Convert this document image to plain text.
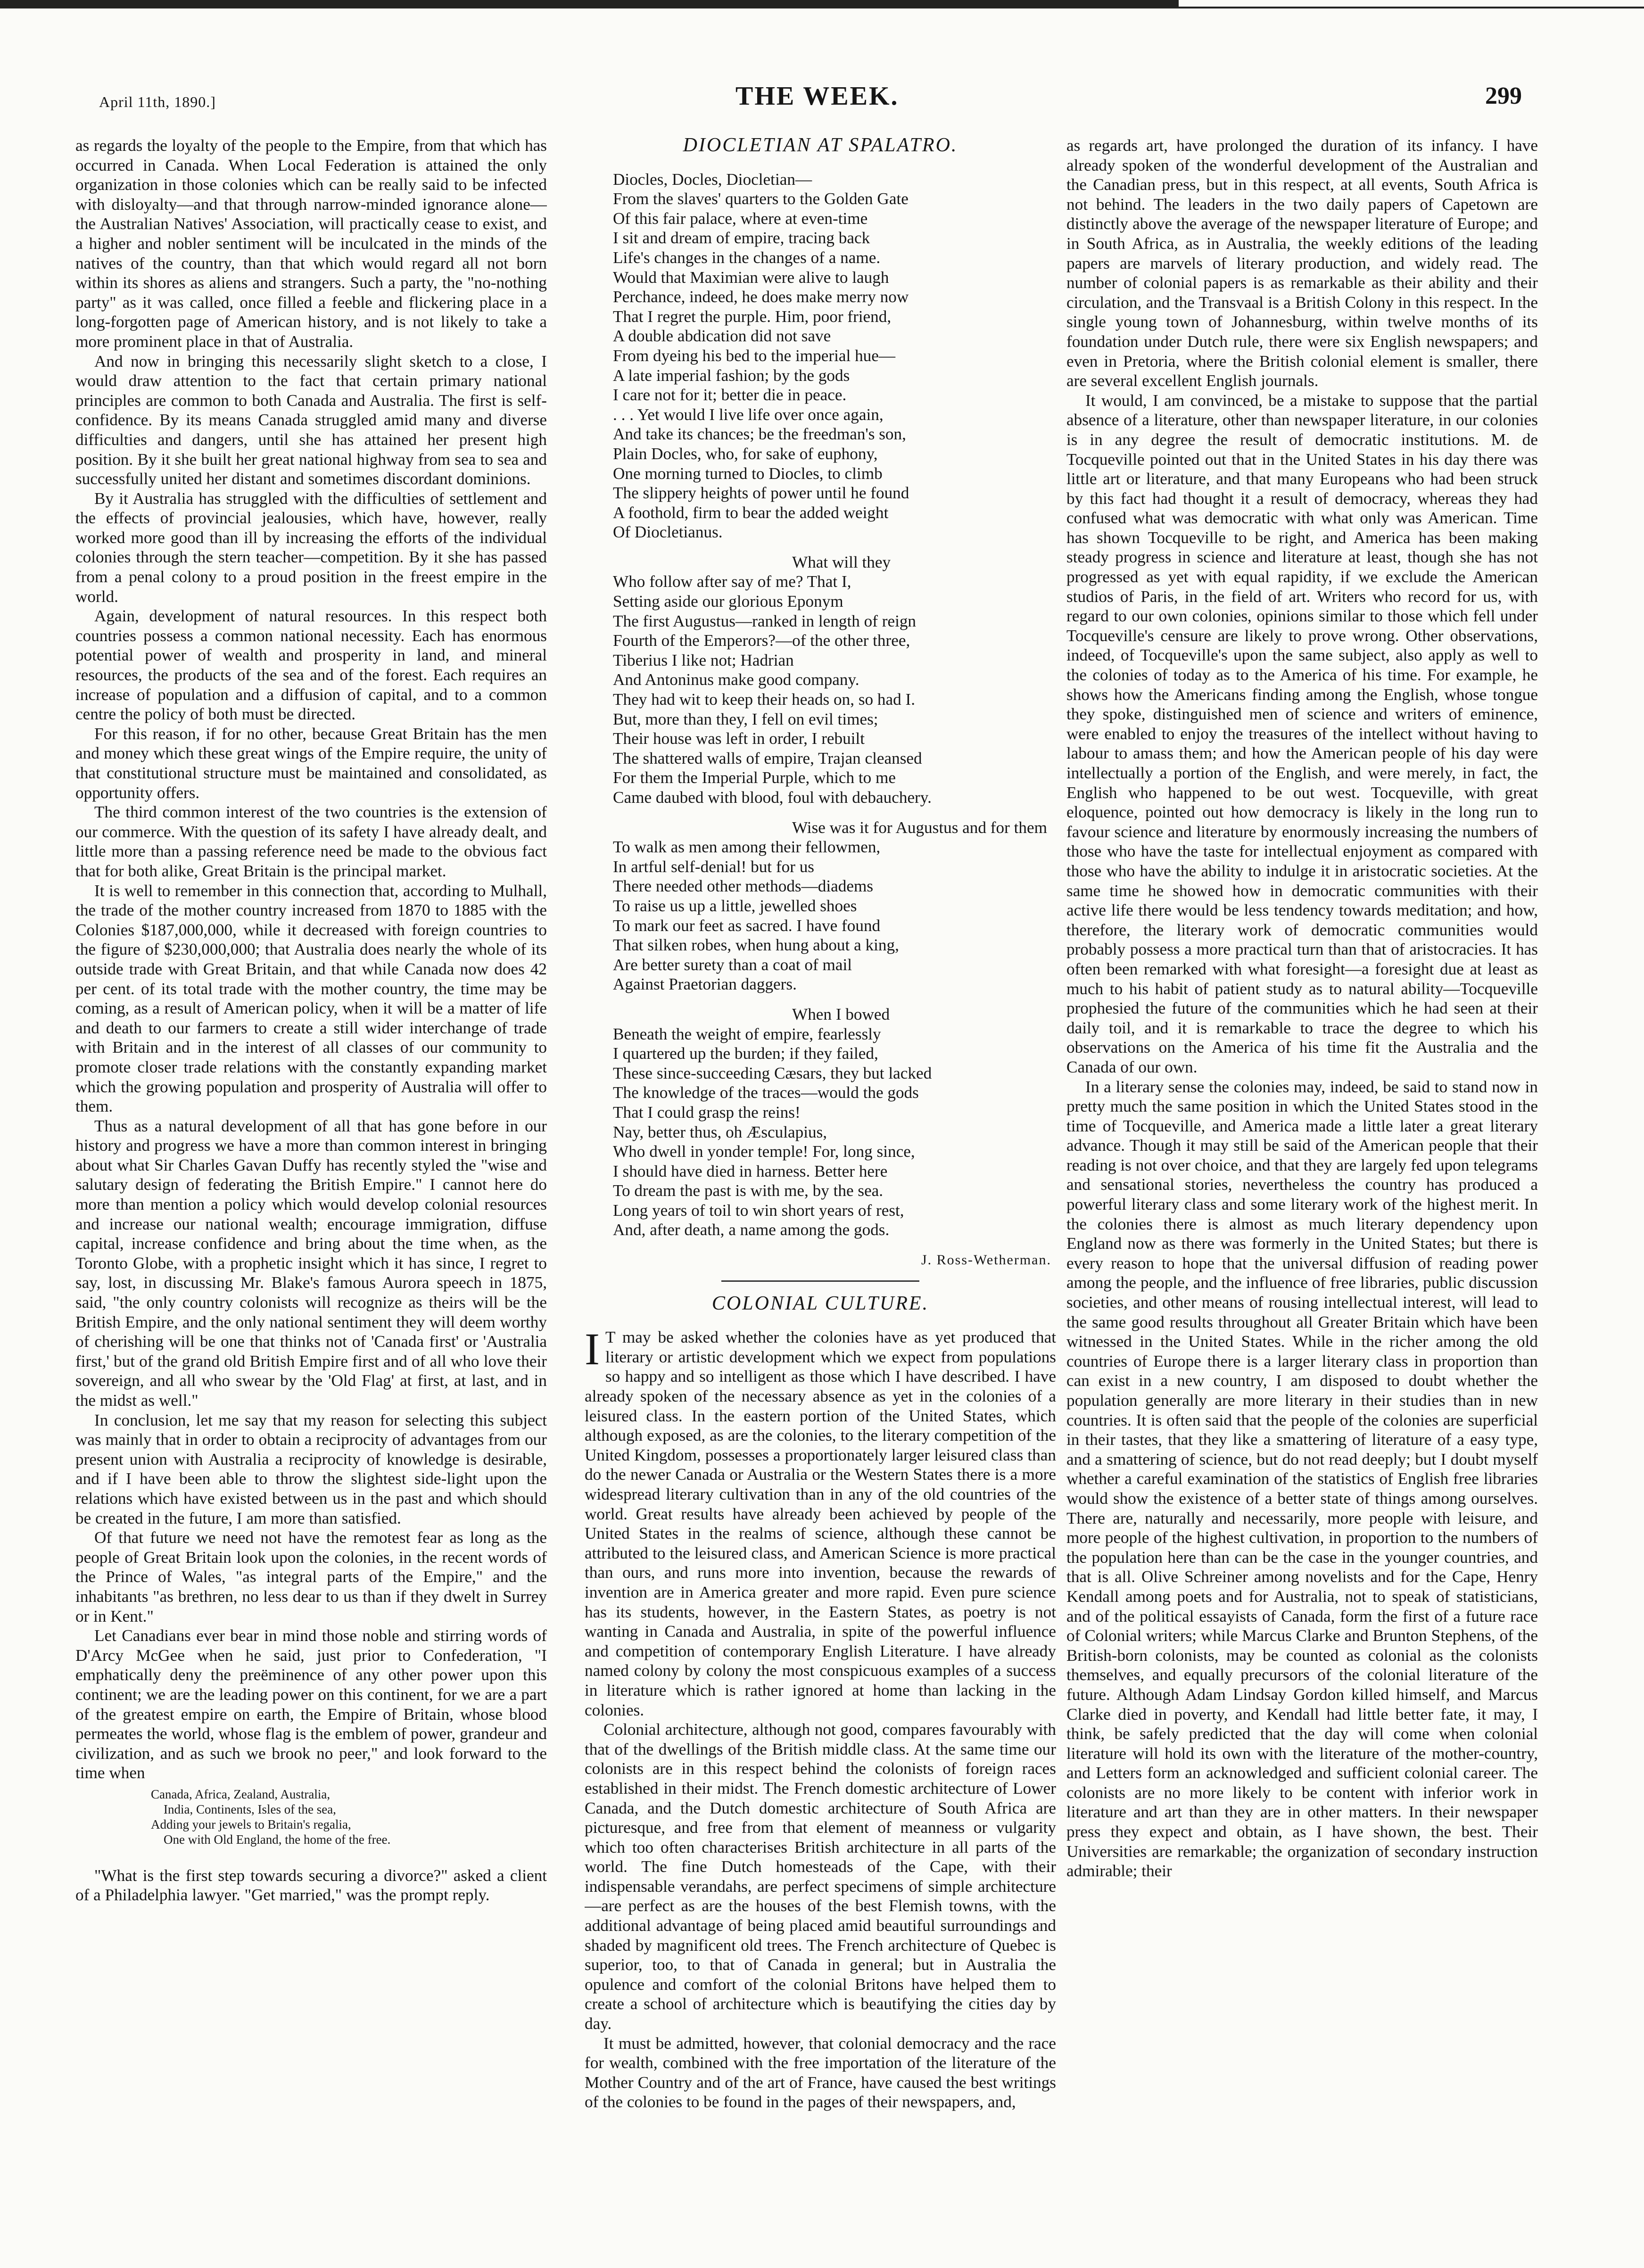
April 11th, 1890.]	THE WEEK.	299

as regards the loyalty of the people to the Empire, from that which has occurred in Canada. When Local Federation is attained the only organization in those colonies which can be really said to be infected with disloyalty—and that through narrow-minded ignorance alone—the Australian Natives' Association, will practically cease to exist, and a higher and nobler sentiment will be inculcated in the minds of the natives of the country, than that which would regard all not born within its shores as aliens and strangers. Such a party, the "no-nothing party" as it was called, once filled a feeble and flickering place in a long-forgotten page of American history, and is not likely to take a more prominent place in that of Australia.

And now in bringing this necessarily slight sketch to a close, I would draw attention to the fact that certain primary national principles are common to both Canada and Australia. The first is self-confidence. By its means Canada struggled amid many and diverse difficulties and dangers, until she has attained her present high position. By it she built her great national highway from sea to sea and successfully united her distant and sometimes discordant dominions.

By it Australia has struggled with the difficulties of settlement and the effects of provincial jealousies, which have, however, really worked more good than ill by increasing the efforts of the individual colonies through the stern teacher—competition. By it she has passed from a penal colony to a proud position in the freest empire in the world.

Again, development of natural resources. In this respect both countries possess a common national necessity. Each has enormous potential power of wealth and prosperity in land, and mineral resources, the products of the sea and of the forest. Each requires an increase of population and a diffusion of capital, and to a common centre the policy of both must be directed.

For this reason, if for no other, because Great Britain has the men and money which these great wings of the Empire require, the unity of that constitutional structure must be maintained and consolidated, as opportunity offers.

The third common interest of the two countries is the extension of our commerce. With the question of its safety I have already dealt, and little more than a passing reference need be made to the obvious fact that for both alike, Great Britain is the principal market.

It is well to remember in this connection that, according to Mulhall, the trade of the mother country increased from 1870 to 1885 with the Colonies $187,000,000, while it decreased with foreign countries to the figure of $230,000,000; that Australia does nearly the whole of its outside trade with Great Britain, and that while Canada now does 42 per cent. of its total trade with the mother country, the time may be coming, as a result of American policy, when it will be a matter of life and death to our farmers to create a still wider interchange of trade with Britain and in the interest of all classes of our community to promote closer trade relations with the constantly expanding market which the growing population and prosperity of Australia will offer to them.

Thus as a natural development of all that has gone before in our history and progress we have a more than common interest in bringing about what Sir Charles Gavan Duffy has recently styled the "wise and salutary design of federating the British Empire." I cannot here do more than mention a policy which would develop colonial resources and increase our national wealth; encourage immigration, diffuse capital, increase confidence and bring about the time when, as the Toronto Globe, with a prophetic insight which it has since, I regret to say, lost, in discussing Mr. Blake's famous Aurora speech in 1875, said, "the only country colonists will recognize as theirs will be the British Empire, and the only national sentiment they will deem worthy of cherishing will be one that thinks not of 'Canada first' or 'Australia first,' but of the grand old British Empire first and of all who love their sovereign, and all who swear by the 'Old Flag' at first, at last, and in the midst as well."

In conclusion, let me say that my reason for selecting this subject was mainly that in order to obtain a reciprocity of advantages from our present union with Australia a reciprocity of knowledge is desirable, and if I have been able to throw the slightest side-light upon the relations which have existed between us in the past and which should be created in the future, I am more than satisfied.

Of that future we need not have the remotest fear as long as the people of Great Britain look upon the colonies, in the recent words of the Prince of Wales, "as integral parts of the Empire," and the inhabitants "as brethren, no less dear to us than if they dwelt in Surrey or in Kent."

Let Canadians ever bear in mind those noble and stirring words of D'Arcy McGee when he said, just prior to Confederation, "I emphatically deny the preëminence of any other power upon this continent; we are the leading power on this continent, for we are a part of the greatest empire on earth, the Empire of Britain, whose blood permeates the world, whose flag is the emblem of power, grandeur and civilization, and as such we brook no peer," and look forward to the time when

Canada, Africa, Zealand, Australia,
India, Continents, Isles of the sea,
Adding your jewels to Britain's regalia,
One with Old England, the home of the free.

"What is the first step towards securing a divorce?" asked a client of a Philadelphia lawyer. "Get married," was the prompt reply.

DIOCLETIAN AT SPALATRO.
Diocles, Docles, Diocletian—
From the slaves' quarters to the Golden Gate
Of this fair palace, where at even-time
I sit and dream of empire, tracing back
Life's changes in the changes of a name.
Would that Maximian were alive to laugh
Perchance, indeed, he does make merry now
That I regret the purple. Him, poor friend,
A double abdication did not save
From dyeing his bed to the imperial hue—
A late imperial fashion; by the gods
I care not for it; better die in peace.
. . . Yet would I live life over once again,
And take its chances; be the freedman's son,
Plain Docles, who, for sake of euphony,
One morning turned to Diocles, to climb
The slippery heights of power until he found
A foothold, firm to bear the added weight
Of Diocletianus.
What will they
Who follow after say of me? That I,
Setting aside our glorious Eponym
The first Augustus—ranked in length of reign
Fourth of the Emperors?—of the other three,
Tiberius I like not; Hadrian
And Antoninus make good company.
They had wit to keep their heads on, so had I.
But, more than they, I fell on evil times;
Their house was left in order, I rebuilt
The shattered walls of empire, Trajan cleansed
For them the Imperial Purple, which to me
Came daubed with blood, foul with debauchery.
Wise was it for Augustus and for them
To walk as men among their fellowmen,
In artful self-denial! but for us
There needed other methods—diadems
To raise us up a little, jewelled shoes
To mark our feet as sacred. I have found
That silken robes, when hung about a king,
Are better surety than a coat of mail
Against Praetorian daggers.
When I bowed
Beneath the weight of empire, fearlessly
I quartered up the burden; if they failed,
These since-succeeding Cæsars, they but lacked
The knowledge of the traces—would the gods
That I could grasp the reins!
Nay, better thus, oh Æsculapius,
Who dwell in yonder temple! For, long since,
I should have died in harness. Better here
To dream the past is with me, by the sea.
Long years of toil to win short years of rest,
And, after death, a name among the gods.
J. Ross-Wetherman.
COLONIAL CULTURE.

I T may be asked whether the colonies have as yet produced that literary or artistic development which we expect from populations so happy and so intelligent as those which I have described. I have already spoken of the necessary absence as yet in the colonies of a leisured class. In the eastern portion of the United States, which although exposed, as are the colonies, to the literary competition of the United Kingdom, possesses a proportionately larger leisured class than do the newer Canada or Australia or the Western States there is a more widespread literary cultivation than in any of the old countries of the world. Great results have already been achieved by people of the United States in the realms of science, although these cannot be attributed to the leisured class, and American Science is more practical than ours, and runs more into invention, because the rewards of invention are in America greater and more rapid. Even pure science has its students, however, in the Eastern States, as poetry is not wanting in Canada and Australia, in spite of the powerful influence and competition of contemporary English Literature. I have already named colony by colony the most conspicuous examples of a success in literature which is rather ignored at home than lacking in the colonies.

Colonial architecture, although not good, compares favourably with that of the dwellings of the British middle class. At the same time our colonists are in this respect behind the colonists of foreign races established in their midst. The French domestic architecture of Lower Canada, and the Dutch domestic architecture of South Africa are picturesque, and free from that element of meanness or vulgarity which too often characterises British architecture in all parts of the world. The fine Dutch homesteads of the Cape, with their indispensable verandahs, are perfect specimens of simple architecture—are perfect as are the houses of the best Flemish towns, with the additional advantage of being placed amid beautiful surroundings and shaded by magnificent old trees. The French architecture of Quebec is superior, too, to that of Canada in general; but in Australia the opulence and comfort of the colonial Britons have helped them to create a school of architecture which is beautifying the cities day by day.

It must be admitted, however, that colonial democracy and the race for wealth, combined with the free importation of the literature of the Mother Country and of the art of France, have caused the best writings of the colonies to be found in the pages of their newspapers, and,

as regards art, have prolonged the duration of its infancy. I have already spoken of the wonderful development of the Australian and the Canadian press, but in this respect, at all events, South Africa is not behind. The leaders in the two daily papers of Capetown are distinctly above the average of the newspaper literature of Europe; and in South Africa, as in Australia, the weekly editions of the leading papers are marvels of literary production, and widely read. The number of colonial papers is as remarkable as their ability and their circulation, and the Transvaal is a British Colony in this respect. In the single young town of Johannesburg, within twelve months of its foundation under Dutch rule, there were six English newspapers; and even in Pretoria, where the British colonial element is smaller, there are several excellent English journals.

It would, I am convinced, be a mistake to suppose that the partial absence of a literature, other than newspaper literature, in our colonies is in any degree the result of democratic institutions. M. de Tocqueville pointed out that in the United States in his day there was little art or literature, and that many Europeans who had been struck by this fact had thought it a result of democracy, whereas they had confused what was democratic with what only was American. Time has shown Tocqueville to be right, and America has been making steady progress in science and literature at least, though she has not progressed as yet with equal rapidity, if we exclude the American studios of Paris, in the field of art. Writers who record for us, with regard to our own colonies, opinions similar to those which fell under Tocqueville's censure are likely to prove wrong. Other observations, indeed, of Tocqueville's upon the same subject, also apply as well to the colonies of today as to the America of his time. For example, he shows how the Americans finding among the English, whose tongue they spoke, distinguished men of science and writers of eminence, were enabled to enjoy the treasures of the intellect without having to labour to amass them; and how the American people of his day were intellectually a portion of the English, and were merely, in fact, the English who happened to be out west. Tocqueville, with great eloquence, pointed out how democracy is likely in the long run to favour science and literature by enormously increasing the numbers of those who have the taste for intellectual enjoyment as compared with those who have the ability to indulge it in aristocratic societies. At the same time he showed how in democratic communities with their active life there would be less tendency towards meditation; and how, therefore, the literary work of democratic communities would probably possess a more practical turn than that of aristocracies. It has often been remarked with what foresight—a foresight due at least as much to his habit of patient study as to natural ability—Tocqueville prophesied the future of the communities which he had seen at their daily toil, and it is remarkable to trace the degree to which his observations on the America of his time fit the Australia and the Canada of our own.

In a literary sense the colonies may, indeed, be said to stand now in pretty much the same position in which the United States stood in the time of Tocqueville, and America made a little later a great literary advance. Though it may still be said of the American people that their reading is not over choice, and that they are largely fed upon telegrams and sensational stories, nevertheless the country has produced a powerful literary class and some literary work of the highest merit. In the colonies there is almost as much literary dependency upon England now as there was formerly in the United States; but there is every reason to hope that the universal diffusion of reading power among the people, and the influence of free libraries, public discussion societies, and other means of rousing intellectual interest, will lead to the same good results throughout all Greater Britain which have been witnessed in the United States. While in the richer among the old countries of Europe there is a larger literary class in proportion than can exist in a new country, I am disposed to doubt whether the population generally are more literary in their studies than in new countries. It is often said that the people of the colonies are superficial in their tastes, that they like a smattering of literature of a easy type, and a smattering of science, but do not read deeply; but I doubt myself whether a careful examination of the statistics of English free libraries would show the existence of a better state of things among ourselves. There are, naturally and necessarily, more people with leisure, and more people of the highest cultivation, in proportion to the numbers of the population here than can be the case in the younger countries, and that is all. Olive Schreiner among novelists and for the Cape, Henry Kendall among poets and for Australia, not to speak of statisticians, and of the political essayists of Canada, form the first of a future race of Colonial writers; while Marcus Clarke and Brunton Stephens, of the British-born colonists, may be counted as colonial as the colonists themselves, and equally precursors of the colonial literature of the future. Although Adam Lindsay Gordon killed himself, and Marcus Clarke died in poverty, and Kendall had little better fate, it may, I think, be safely predicted that the day will come when colonial literature will hold its own with the literature of the mother-country, and Letters form an acknowledged and sufficient colonial career. The colonists are no more likely to be content with inferior work in literature and art than they are in other matters. In their newspaper press they expect and obtain, as I have shown, the best. Their Universities are remarkable; the organization of secondary instruction admirable; their
